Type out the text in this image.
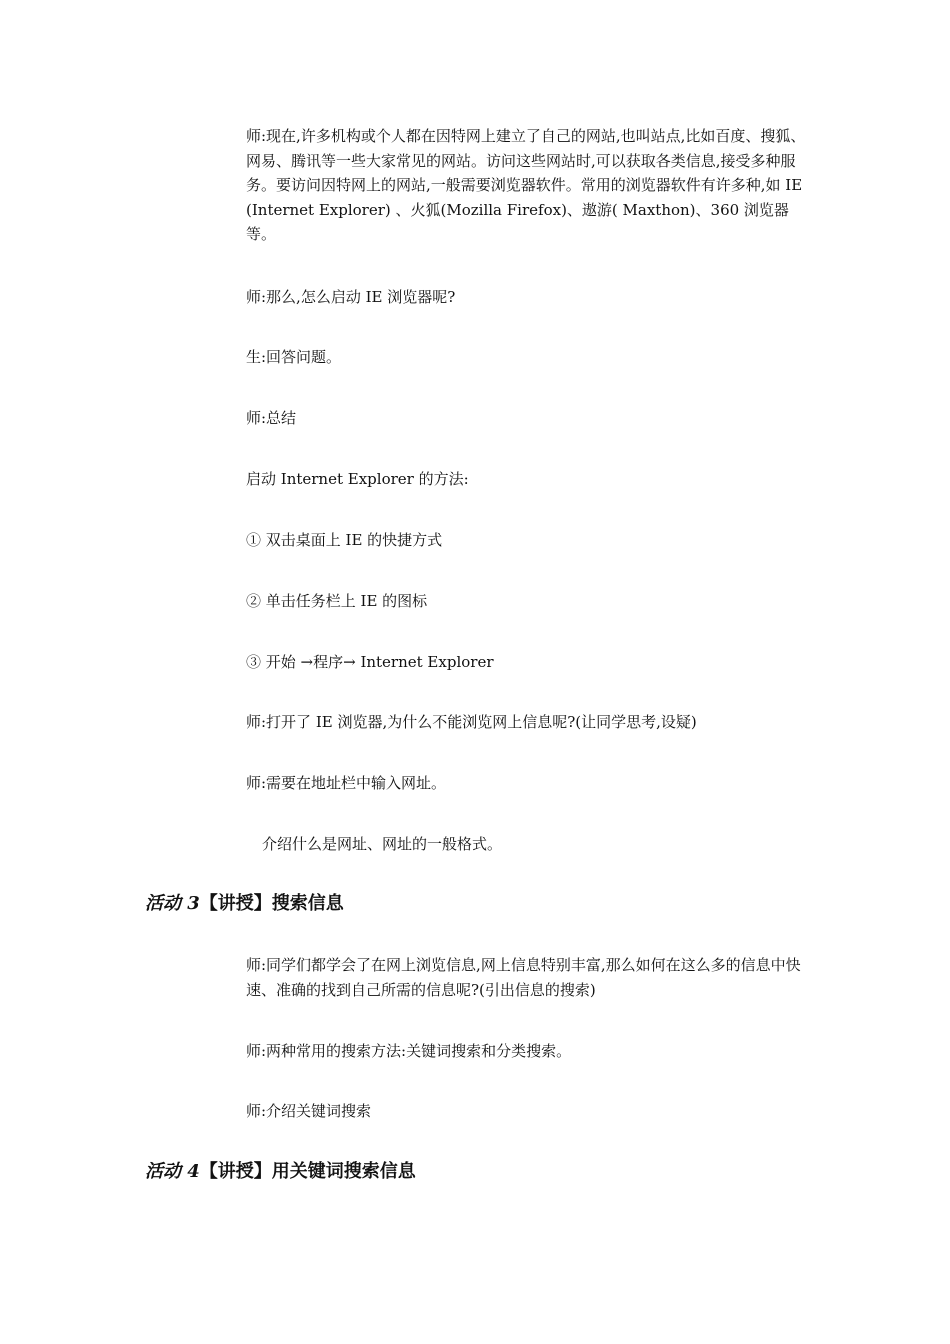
师:现在,许多机构或个人都在因特网上建立了自己的网站,也叫站点,比如百度、搜狐、网易、腾讯等一些大家常见的网站。访问这些网站时,可以获取各类信息,接受多种服务。要访问因特网上的网站,一般需要浏览器软件。常用的浏览器软件有许多种,如 IE (Internet Explorer) 、火狐(Mozilla Firefox)、遨游( Maxthon)、360 浏览器等。

师:那么,怎么启动 IE 浏览器呢?

生:回答问题。

师:总结

启动 Internet Explorer 的方法:

① 双击桌面上 IE 的快捷方式

② 单击任务栏上 IE 的图标

③ 开始 →程序→ Internet Explorer

师:打开了 IE 浏览器,为什么不能浏览网上信息呢?(让同学思考,设疑)

师:需要在地址栏中输入网址。

介绍什么是网址、网址的一般格式。

活动 3【讲授】搜索信息

师:同学们都学会了在网上浏览信息,网上信息特别丰富,那么如何在这么多的信息中快速、准确的找到自己所需的信息呢?(引出信息的搜索)

师:两种常用的搜索方法:关键词搜索和分类搜索。

师:介绍关键词搜索

活动 4【讲授】用关键词搜索信息
